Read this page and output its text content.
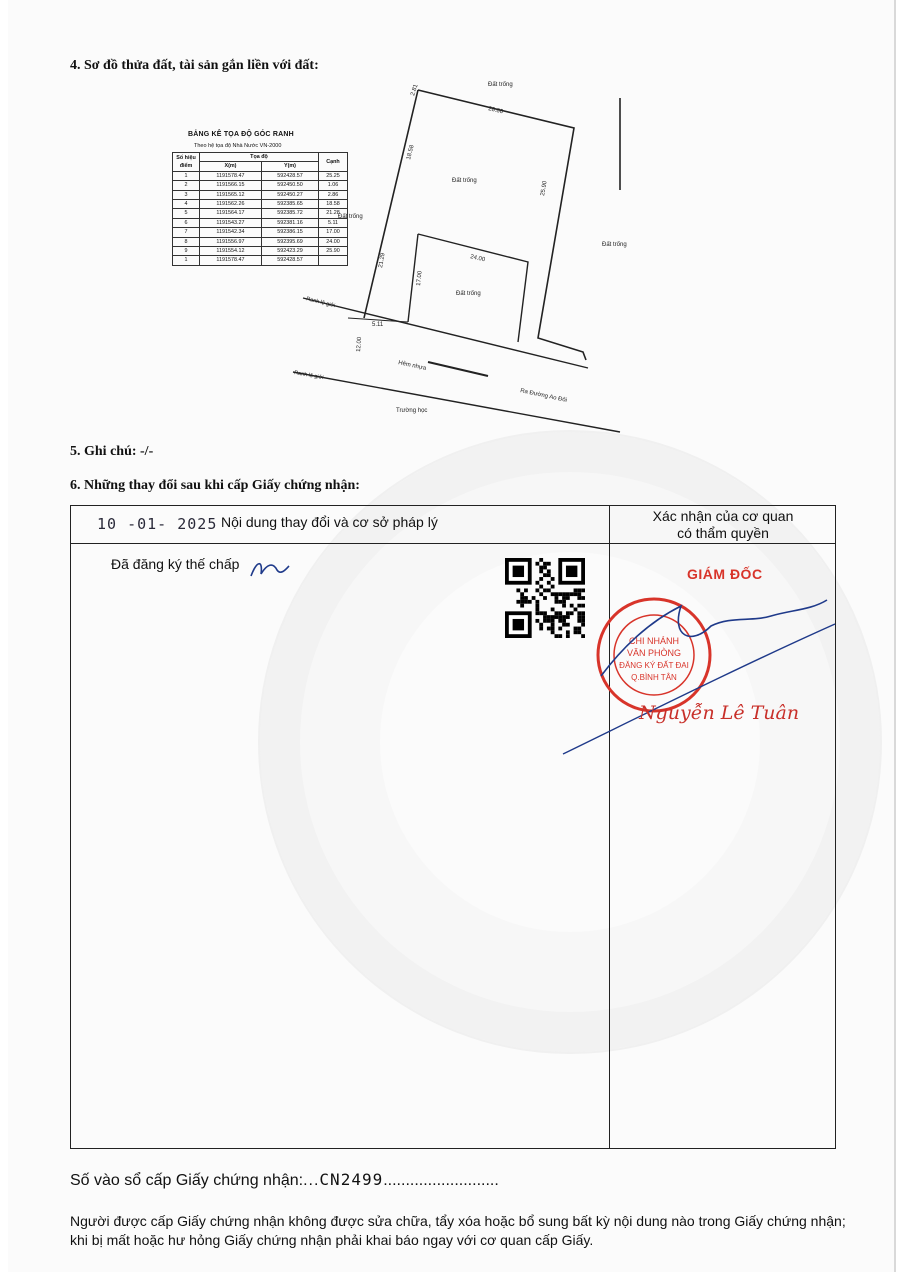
4. Sơ đồ thửa đất, tài sản gắn liền với đất:
BẢNG KÊ TỌA ĐỘ GÓC RANH
Theo hệ tọa độ Nhà Nước VN-2000
Số hiệu điểm	Tọa độ		Cạnh
	X(m)	Y(m)	
1	1191578.47	592428.57	25.25
2	1191566.15	592450.50	1.06
3	1191565.12	592450.27	2.86
4	1191562.26	592385.65	18.58
5	1191564.17	592385.72	21.28
6	1191543.27	592381.16	5.11
7	1191542.34	592386.15	17.00
8	1191556.97	592395.69	24.00
9	1191554.12	592423.29	25.90
1	1191578.47	592428.57	
Đất trống
Đất trống
Đất trống
Đất trống
Đất trống
2.81
28.86
18.58
25.90
21.29
17.00
24.00
5.11
12.00
Ranh lộ giới
Ranh lộ giới
Hẻm nhựa
Ra Đường Ao Đôi
Trường học
5. Ghi chú: -/-
6. Những thay đổi sau khi cấp Giấy chứng nhận:
10 -01- 2025 Nội dung thay đổi và cơ sở pháp lý	Xác nhận của cơ quan
có thẩm quyền
Đã đăng ký thế chấp
GIÁM ĐỐC
CHI NHÁNH
VĂN PHÒNG
ĐĂNG KÝ ĐẤT ĐAI
Q.BÌNH TÂN
Nguyễn Lê Tuân
Số vào sổ cấp Giấy chứng nhận:...CN2499..........................
Người được cấp Giấy chứng nhận không được sửa chữa, tẩy xóa hoặc bổ sung bất kỳ nội dung nào trong Giấy chứng nhận; khi bị mất hoặc hư hỏng Giấy chứng nhận phải khai báo ngay với cơ quan cấp Giấy.
